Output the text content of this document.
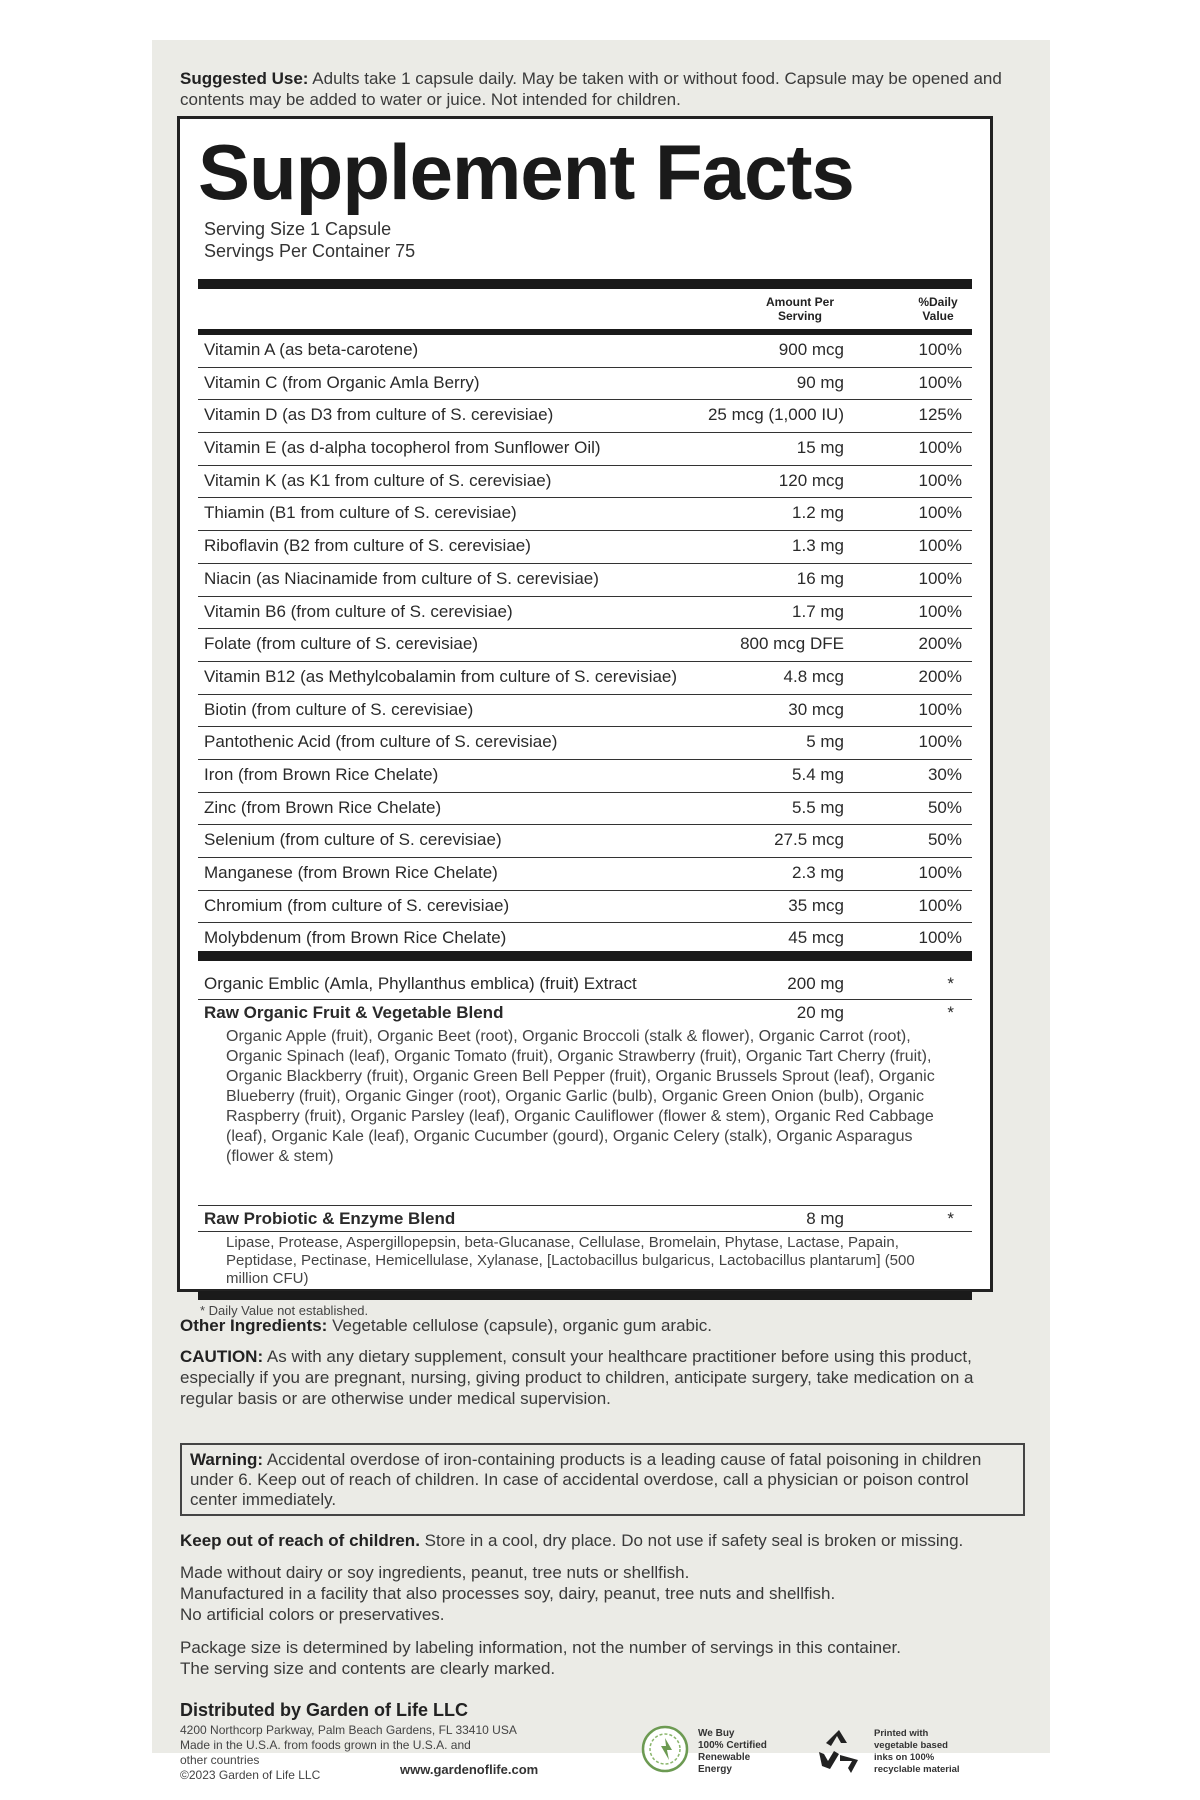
Suggested Use: Adults take 1 capsule daily. May be taken with or without food. Capsule may be opened and contents may be added to water or juice. Not intended for children.
Supplement Facts
Serving Size 1 Capsule
Servings Per Container 75
Amount Per Serving
%Daily Value
Vitamin A (as beta-carotene)	900 mcg	100%
Vitamin C (from Organic Amla Berry)	90 mg	100%
Vitamin D (as D3 from culture of S. cerevisiae)	25 mcg (1,000 IU)	125%
Vitamin E (as d-alpha tocopherol from Sunflower Oil)	15 mg	100%
Vitamin K (as K1 from culture of S. cerevisiae)	120 mcg	100%
Thiamin (B1 from culture of S. cerevisiae)	1.2 mg	100%
Riboflavin (B2 from culture of S. cerevisiae)	1.3 mg	100%
Niacin (as Niacinamide from culture of S. cerevisiae)	16 mg	100%
Vitamin B6 (from culture of S. cerevisiae)	1.7 mg	100%
Folate (from culture of S. cerevisiae)	800 mcg DFE	200%
Vitamin B12 (as Methylcobalamin from culture of S. cerevisiae)	4.8 mcg	200%
Biotin (from culture of S. cerevisiae)	30 mcg	100%
Pantothenic Acid (from culture of S. cerevisiae)	5 mg	100%
Iron (from Brown Rice Chelate)	5.4 mg	30%
Zinc (from Brown Rice Chelate)	5.5 mg	50%
Selenium (from culture of S. cerevisiae)	27.5 mcg	50%
Manganese (from Brown Rice Chelate)	2.3 mg	100%
Chromium (from culture of S. cerevisiae)	35 mcg	100%
Molybdenum (from Brown Rice Chelate)	45 mcg	100%
Organic Emblic (Amla, Phyllanthus emblica) (fruit) Extract	200 mg	*
Raw Organic Fruit & Vegetable Blend	20 mg	*
Organic Apple (fruit), Organic Beet (root), Organic Broccoli (stalk & flower), Organic Carrot (root), Organic Spinach (leaf), Organic Tomato (fruit), Organic Strawberry (fruit), Organic Tart Cherry (fruit), Organic Blackberry (fruit), Organic Green Bell Pepper (fruit), Organic Brussels Sprout (leaf), Organic Blueberry (fruit), Organic Ginger (root), Organic Garlic (bulb), Organic Green Onion (bulb), Organic Raspberry (fruit), Organic Parsley (leaf), Organic Cauliflower (flower & stem), Organic Red Cabbage (leaf), Organic Kale (leaf), Organic Cucumber (gourd), Organic Celery (stalk), Organic Asparagus (flower & stem)
Raw Probiotic & Enzyme Blend	8 mg	*
Lipase, Protease, Aspergillopepsin, beta-Glucanase, Cellulase, Bromelain, Phytase, Lactase, Papain, Peptidase, Pectinase, Hemicellulase, Xylanase, [Lactobacillus bulgaricus, Lactobacillus plantarum] (500 million CFU)
* Daily Value not established.
Other Ingredients: Vegetable cellulose (capsule), organic gum arabic.
CAUTION: As with any dietary supplement, consult your healthcare practitioner before using this product, especially if you are pregnant, nursing, giving product to children, anticipate surgery, take medication on a regular basis or are otherwise under medical supervision.
Warning: Accidental overdose of iron-containing products is a leading cause of fatal poisoning in children under 6. Keep out of reach of children. In case of accidental overdose, call a physician or poison control center immediately.
Keep out of reach of children. Store in a cool, dry place. Do not use if safety seal is broken or missing.
Made without dairy or soy ingredients, peanut, tree nuts or shellfish.
Manufactured in a facility that also processes soy, dairy, peanut, tree nuts and shellfish.
No artificial colors or preservatives.
Package size is determined by labeling information, not the number of servings in this container.
The serving size and contents are clearly marked.
Distributed by Garden of Life LLC
4200 Northcorp Parkway, Palm Beach Gardens, FL 33410 USA
Made in the U.S.A. from foods grown in the U.S.A. and
other countries
©2023 Garden of Life LLC	www.gardenoflife.com
We Buy
100% Certified
Renewable
Energy
Printed with
vegetable based
inks on 100%
recyclable material
